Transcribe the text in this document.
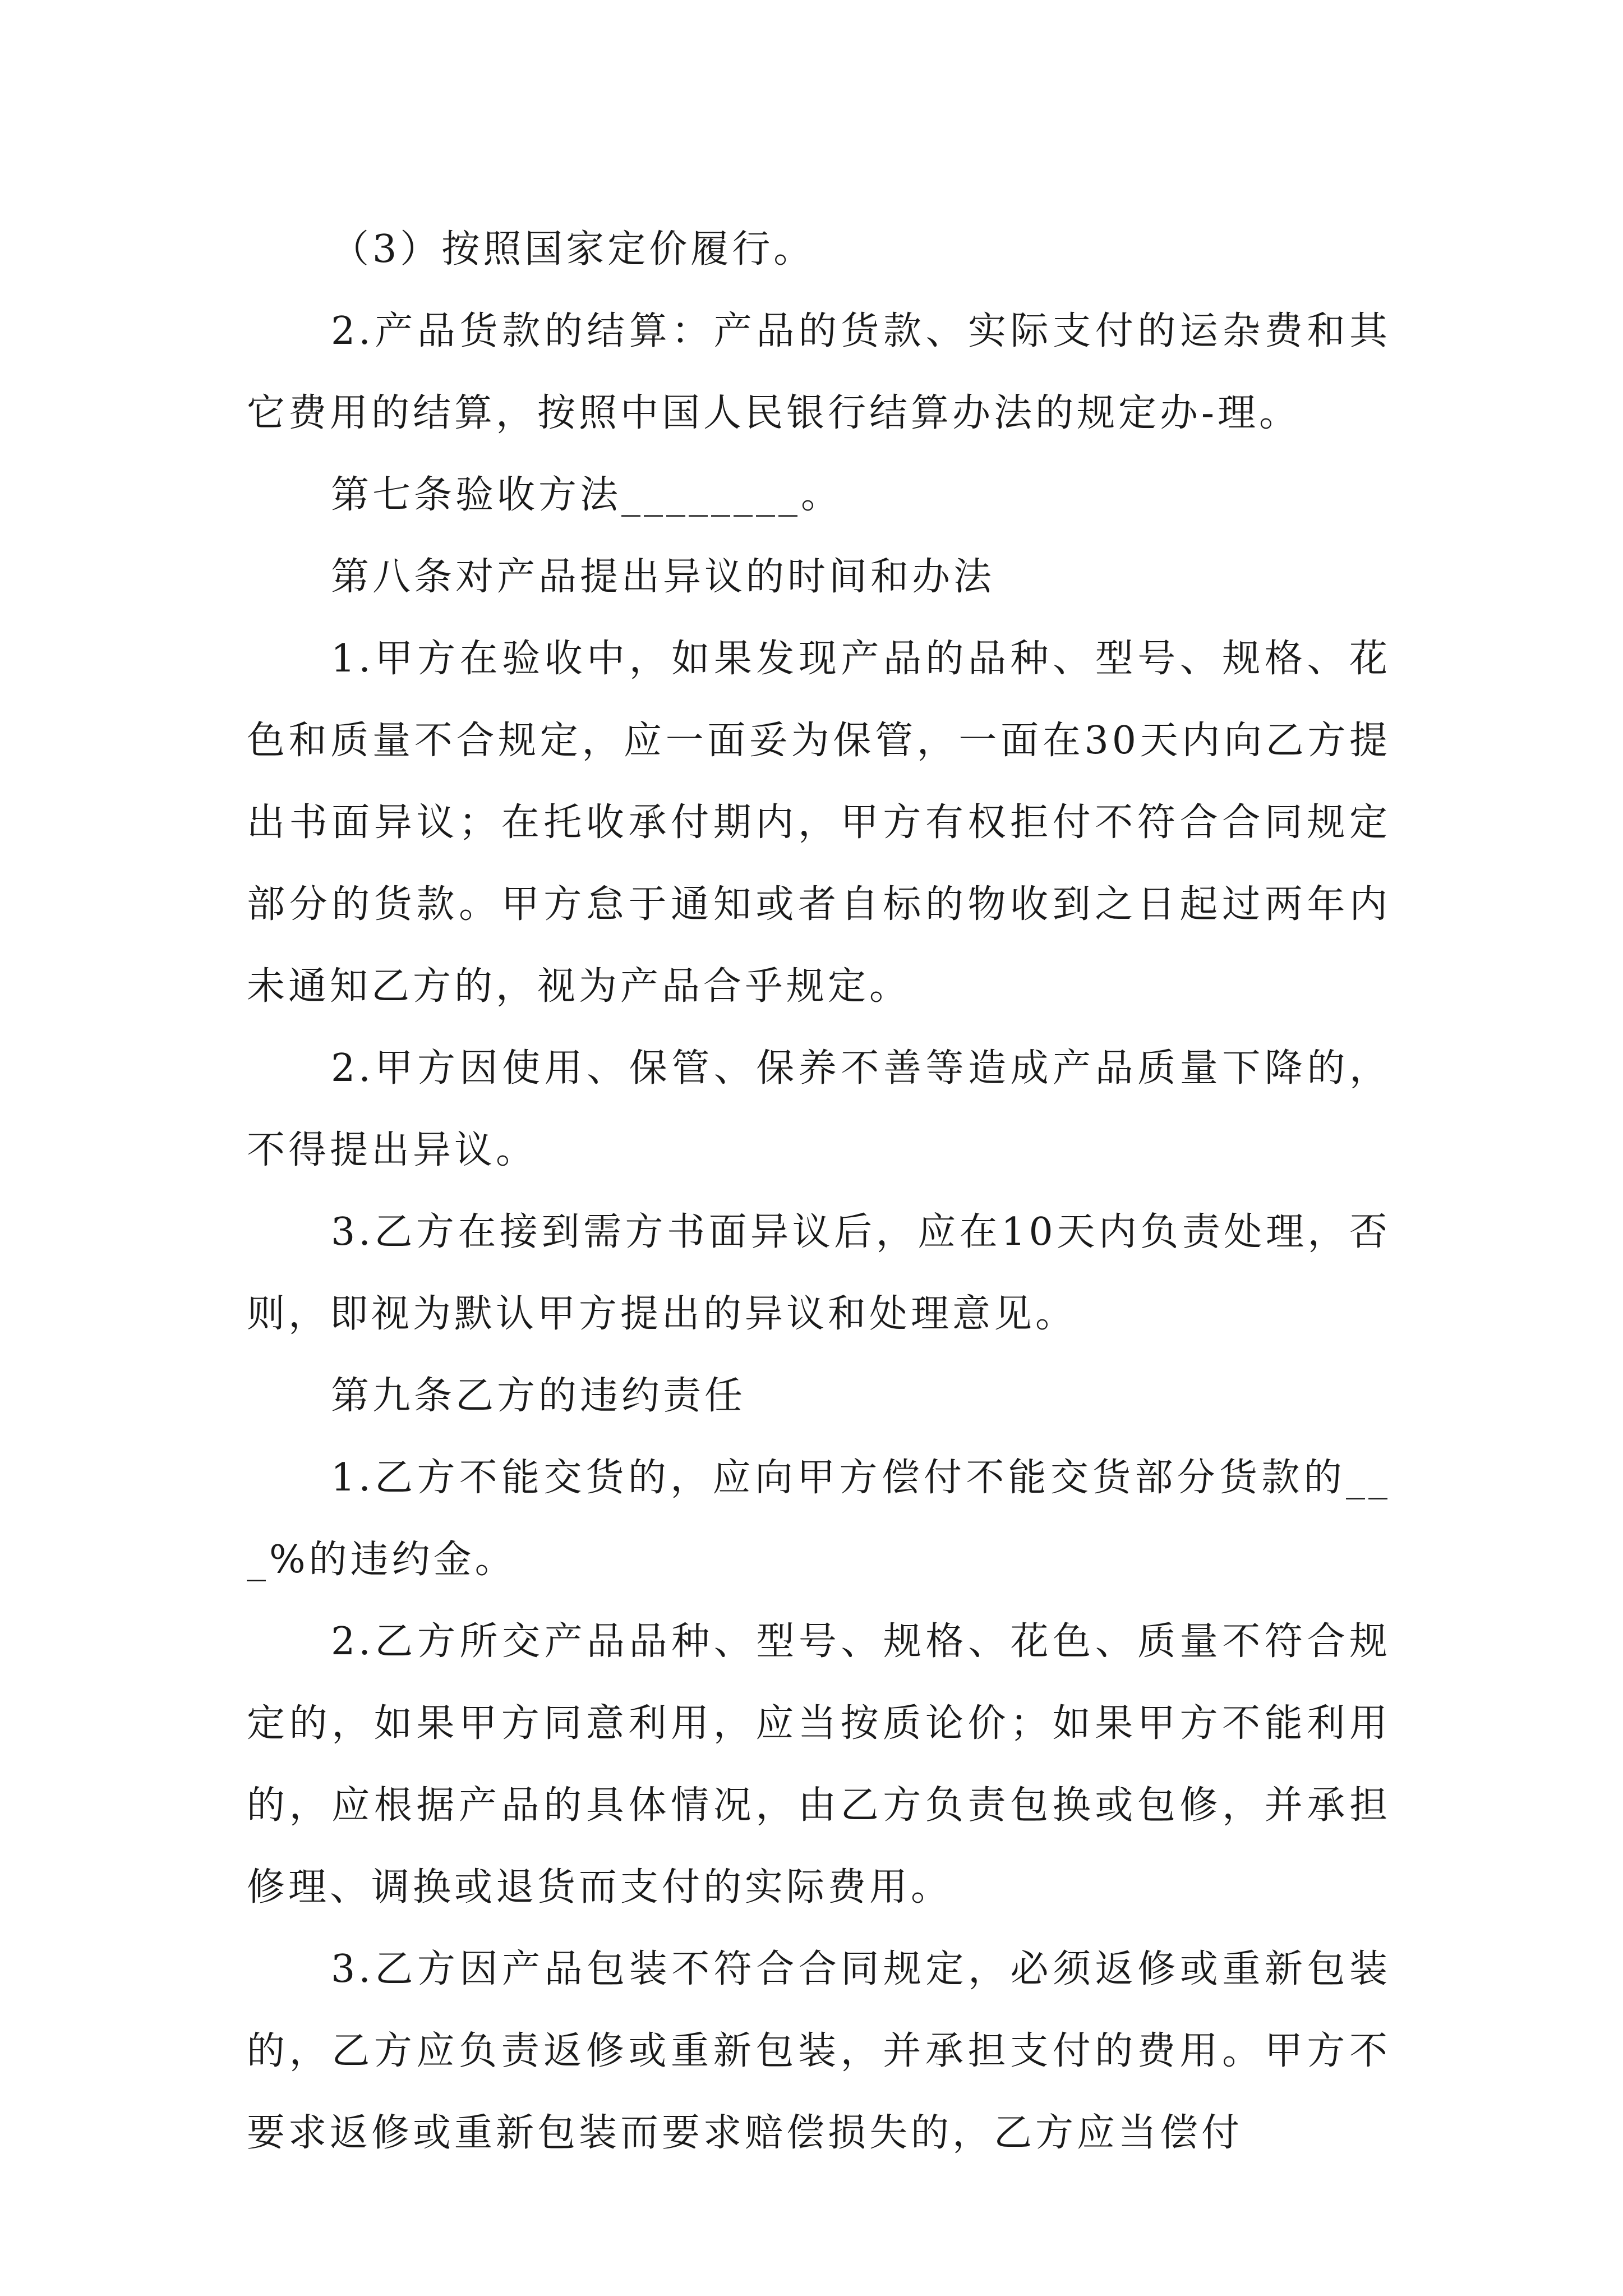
（3）按照国家定价履行。

2.产品货款的结算：产品的货款、实际支付的运杂费和其它费用的结算，按照中国人民银行结算办法的规定办-理。

第七条验收方法________。

第八条对产品提出异议的时间和办法

1.甲方在验收中，如果发现产品的品种、型号、规格、花色和质量不合规定，应一面妥为保管，一面在30天内向乙方提出书面异议；在托收承付期内，甲方有权拒付不符合合同规定部分的货款。甲方怠于通知或者自标的物收到之日起过两年内未通知乙方的，视为产品合乎规定。

2.甲方因使用、保管、保养不善等造成产品质量下降的，不得提出异议。

3.乙方在接到需方书面异议后，应在10天内负责处理，否则，即视为默认甲方提出的异议和处理意见。

第九条乙方的违约责任

1.乙方不能交货的，应向甲方偿付不能交货部分货款的___%的违约金。

2.乙方所交产品品种、型号、规格、花色、质量不符合规定的，如果甲方同意利用，应当按质论价；如果甲方不能利用的，应根据产品的具体情况，由乙方负责包换或包修，并承担修理、调换或退货而支付的实际费用。

3.乙方因产品包装不符合合同规定，必须返修或重新包装的，乙方应负责返修或重新包装，并承担支付的费用。甲方不要求返修或重新包装而要求赔偿损失的，乙方应当偿付
